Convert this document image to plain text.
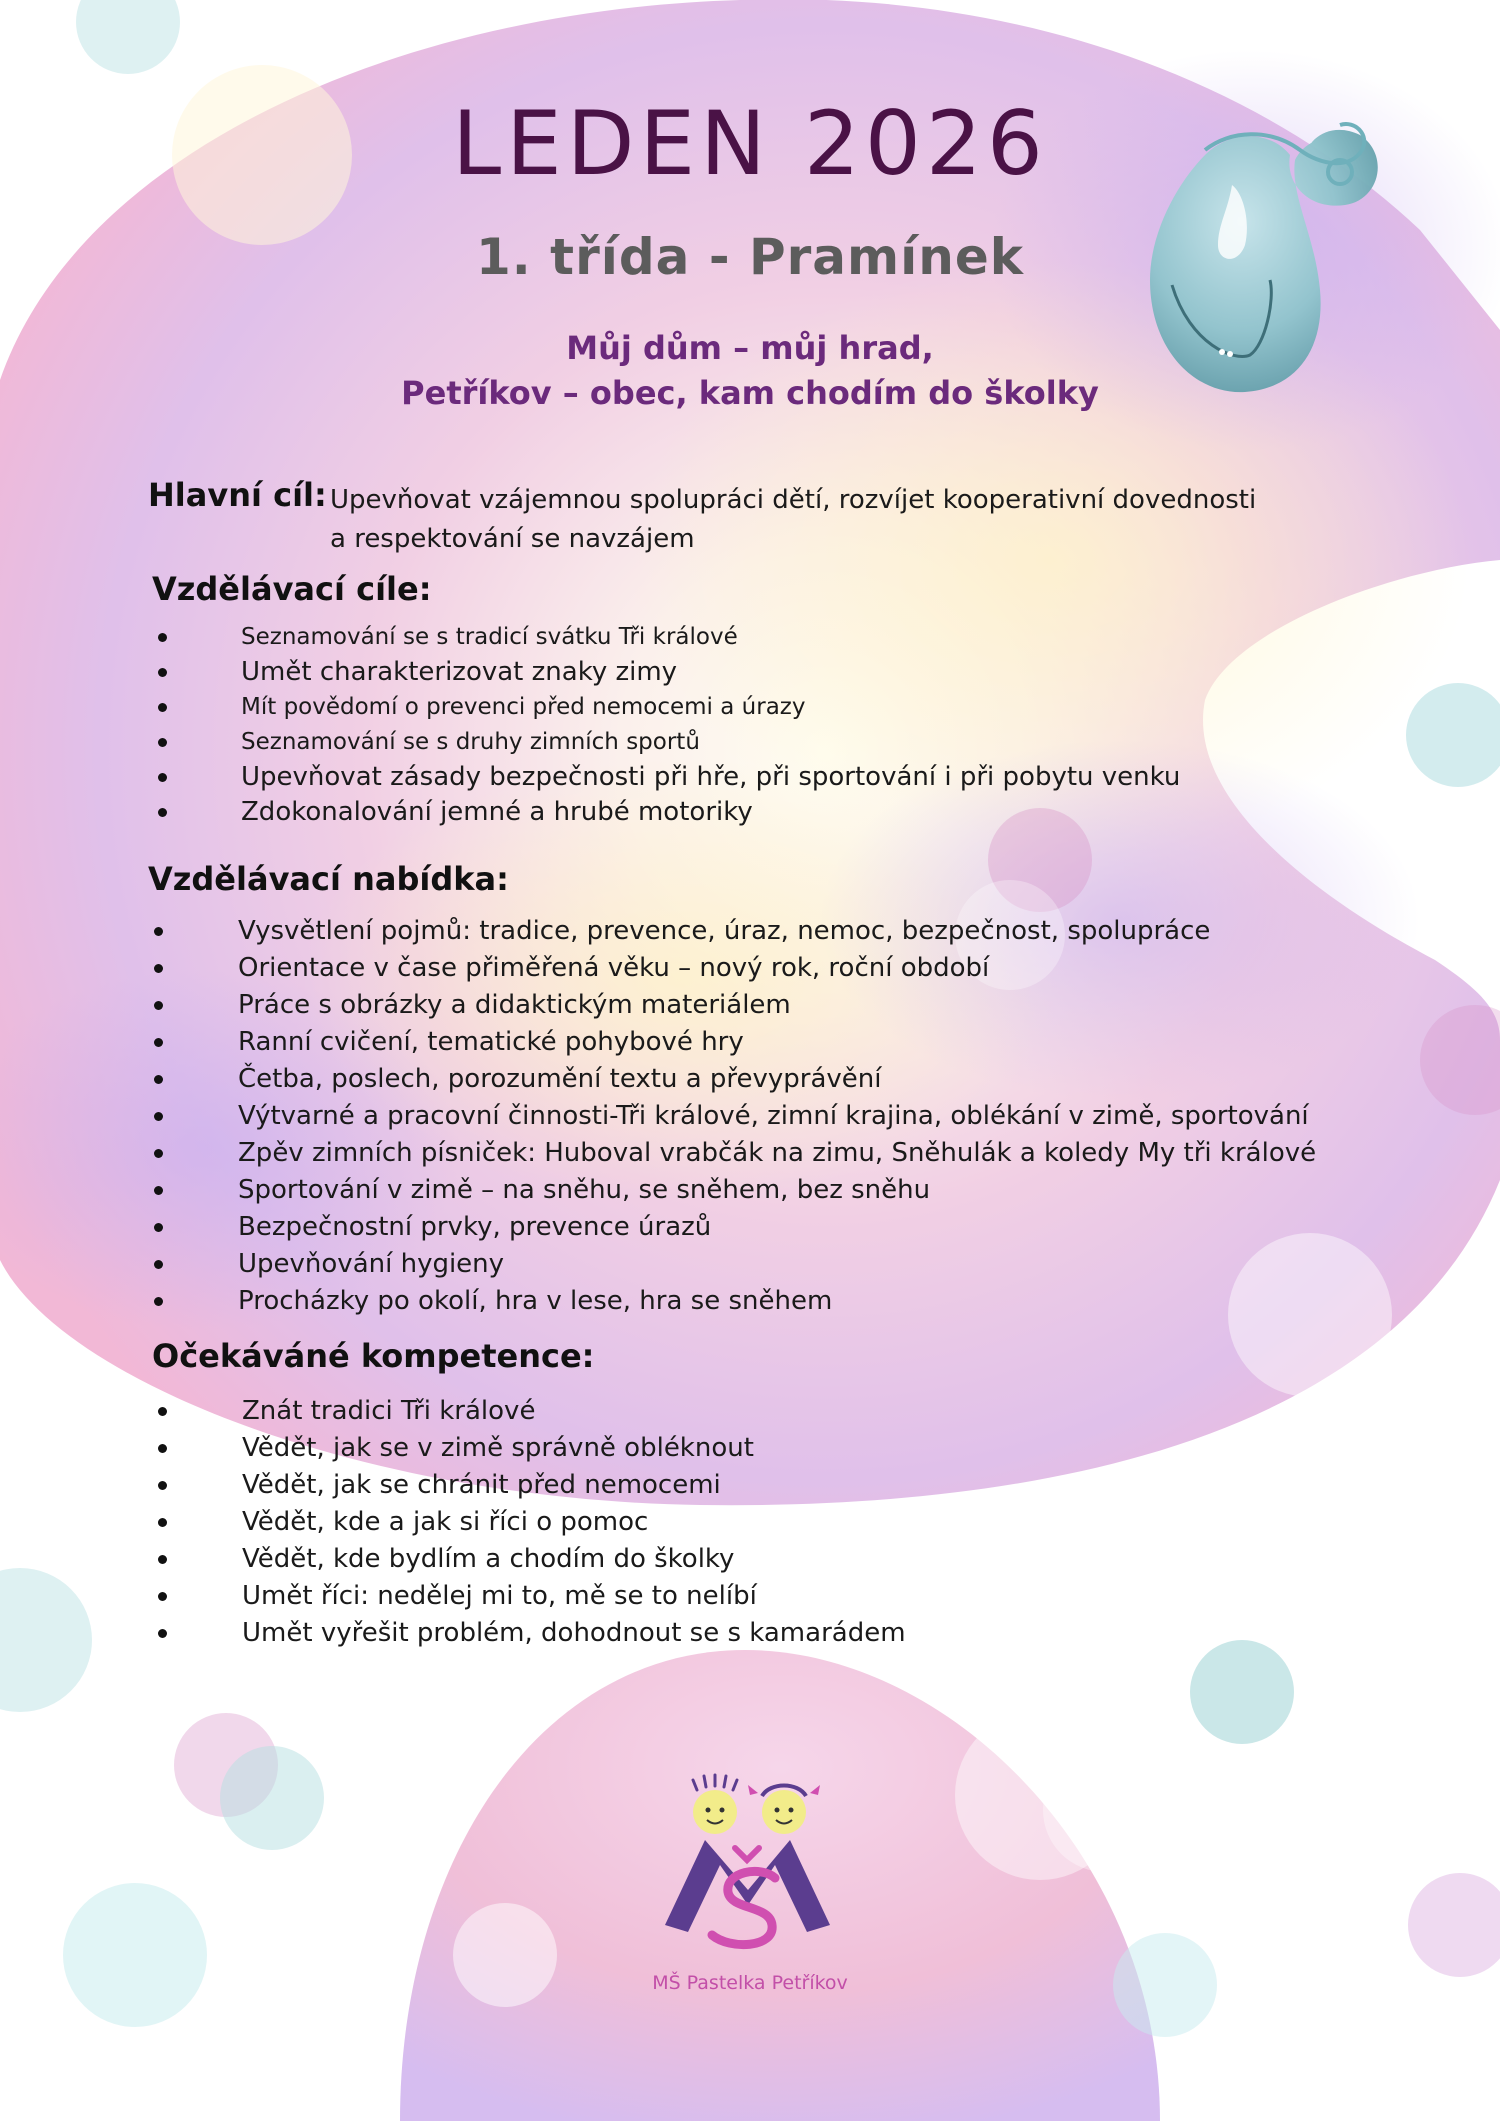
LEDEN 2026
1. třída - Pramínek
Můj dům – můj hrad,
Petříkov – obec, kam chodím do školky
Hlavní cíl: Upevňovat vzájemnou spolupráci dětí, rozvíjet kooperativní dovednosti
a respektování se navzájem
Vzdělávací cíle:
Seznamování se s tradicí svátku Tři králové
Umět charakterizovat znaky zimy
Mít povědomí o prevenci před nemocemi a úrazy
Seznamování se s druhy zimních sportů
Upevňovat zásady bezpečnosti při hře, při sportování i při pobytu venku
Zdokonalování jemné a hrubé motoriky
Vzdělávací nabídka:
Vysvětlení pojmů: tradice, prevence, úraz, nemoc, bezpečnost, spolupráce
Orientace v čase přiměřená věku – nový rok, roční období
Práce s obrázky a didaktickým materiálem
Ranní cvičení, tematické pohybové hry
Četba, poslech, porozumění textu a převyprávění
Výtvarné a pracovní činnosti-Tři králové, zimní krajina, oblékání v zimě, sportování
Zpěv zimních písniček: Huboval vrabčák na zimu, Sněhulák a koledy My tři králové
Sportování v zimě – na sněhu, se sněhem, bez sněhu
Bezpečnostní prvky, prevence úrazů
Upevňování hygieny
Procházky po okolí, hra v lese, hra se sněhem
Očekáváné kompetence:
Znát tradici Tři králové
Vědět, jak se v zimě správně obléknout
Vědět, jak se chránit před nemocemi
Vědět, kde a jak si říci o pomoc
Vědět, kde bydlím a chodím do školky
Umět říci: nedělej mi to, mě se to nelíbí
Umět vyřešit problém, dohodnout se s kamarádem
MŠ Pastelka Petříkov
